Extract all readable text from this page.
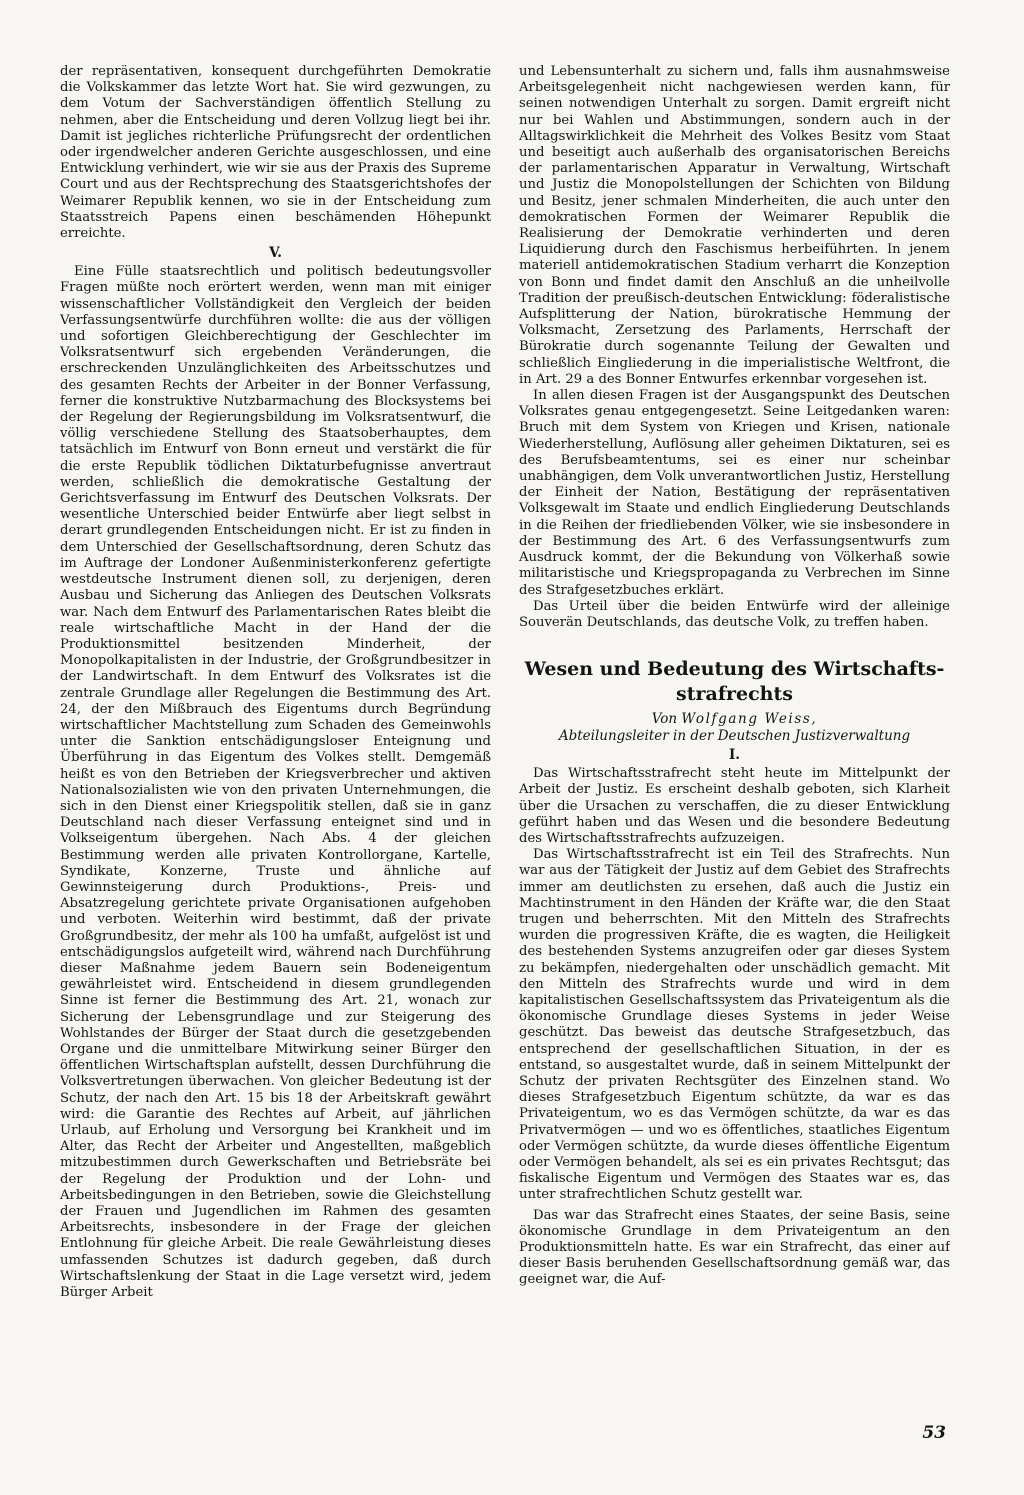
der repräsentativen, konsequent durchgeführten Demokratie die Volkskammer das letzte Wort hat. Sie wird gezwungen, zu dem Votum der Sachverständigen öffentlich Stellung zu nehmen, aber die Entscheidung und deren Vollzug liegt bei ihr. Damit ist jegliches richterliche Prüfungsrecht der ordentlichen oder irgendwelcher anderen Gerichte ausgeschlossen, und eine Entwicklung verhindert, wie wir sie aus der Praxis des Supreme Court und aus der Rechtsprechung des Staatsgerichtshofes der Weimarer Republik kennen, wo sie in der Entscheidung zum Staatsstreich Papens einen beschämenden Höhepunkt erreichte.

V.

Eine Fülle staatsrechtlich und politisch bedeutungsvoller Fragen müßte noch erörtert werden, wenn man mit einiger wissenschaftlicher Vollständigkeit den Vergleich der beiden Verfassungsentwürfe durchführen wollte: die aus der völligen und sofortigen Gleichberechtigung der Geschlechter im Volksratsentwurf sich ergebenden Veränderungen, die erschreckenden Unzulänglichkeiten des Arbeitsschutzes und des gesamten Rechts der Arbeiter in der Bonner Verfassung, ferner die konstruktive Nutzbarmachung des Blocksystems bei der Regelung der Regierungsbildung im Volksratsentwurf, die völlig verschiedene Stellung des Staatsoberhauptes, dem tatsächlich im Entwurf von Bonn erneut und verstärkt die für die erste Republik tödlichen Diktaturbefugnisse anvertraut werden, schließlich die demokratische Gestaltung der Gerichtsverfassung im Entwurf des Deutschen Volksrats. Der wesentliche Unterschied beider Entwürfe aber liegt selbst in derart grundlegenden Entscheidungen nicht. Er ist zu finden in dem Unterschied der Gesellschaftsordnung, deren Schutz das im Auftrage der Londoner Außenministerkonferenz gefertigte westdeutsche Instrument dienen soll, zu derjenigen, deren Ausbau und Sicherung das Anliegen des Deutschen Volksrats war. Nach dem Entwurf des Parlamentarischen Rates bleibt die reale wirtschaftliche Macht in der Hand der die Produktionsmittel besitzenden Minderheit, der Monopolkapitalisten in der Industrie, der Großgrundbesitzer in der Landwirtschaft. In dem Entwurf des Volksrates ist die zentrale Grundlage aller Regelungen die Bestimmung des Art. 24, der den Mißbrauch des Eigentums durch Begründung wirtschaftlicher Machtstellung zum Schaden des Gemeinwohls unter die Sanktion entschädigungsloser Enteignung und Überführung in das Eigentum des Volkes stellt. Demgemäß heißt es von den Betrieben der Kriegsverbrecher und aktiven Nationalsozialisten wie von den privaten Unternehmungen, die sich in den Dienst einer Kriegspolitik stellen, daß sie in ganz Deutschland nach dieser Verfassung enteignet sind und in Volkseigentum übergehen. Nach Abs. 4 der gleichen Bestimmung werden alle privaten Kontrollorgane, Kartelle, Syndikate, Konzerne, Truste und ähnliche auf Gewinnsteigerung durch Produktions-, Preis- und Absatzregelung gerichtete private Organisationen aufgehoben und verboten. Weiterhin wird bestimmt, daß der private Großgrundbesitz, der mehr als 100 ha umfaßt, aufgelöst ist und entschädigungslos aufgeteilt wird, während nach Durchführung dieser Maßnahme jedem Bauern sein Bodeneigentum gewährleistet wird. Entscheidend in diesem grundlegenden Sinne ist ferner die Bestimmung des Art. 21, wonach zur Sicherung der Lebensgrundlage und zur Steigerung des Wohlstandes der Bürger der Staat durch die gesetzgebenden Organe und die unmittelbare Mitwirkung seiner Bürger den öffentlichen Wirtschaftsplan aufstellt, dessen Durchführung die Volksvertretungen überwachen. Von gleicher Bedeutung ist der Schutz, der nach den Art. 15 bis 18 der Arbeitskraft gewährt wird: die Garantie des Rechtes auf Arbeit, auf jährlichen Urlaub, auf Erholung und Versorgung bei Krankheit und im Alter, das Recht der Arbeiter und Angestellten, maßgeblich mitzubestimmen durch Gewerkschaften und Betriebsräte bei der Regelung der Produktion und der Lohn- und Arbeitsbedingungen in den Betrieben, sowie die Gleichstellung der Frauen und Jugendlichen im Rahmen des gesamten Arbeitsrechts, insbesondere in der Frage der gleichen Entlohnung für gleiche Arbeit. Die reale Gewährleistung dieses umfassenden Schutzes ist dadurch gegeben, daß durch Wirtschaftslenkung der Staat in die Lage versetzt wird, jedem Bürger Arbeit

und Lebensunterhalt zu sichern und, falls ihm ausnahmsweise Arbeitsgelegenheit nicht nachgewiesen werden kann, für seinen notwendigen Unterhalt zu sorgen. Damit ergreift nicht nur bei Wahlen und Abstimmungen, sondern auch in der Alltagswirklichkeit die Mehrheit des Volkes Besitz vom Staat und beseitigt auch außerhalb des organisatorischen Bereichs der parlamentarischen Apparatur in Verwaltung, Wirtschaft und Justiz die Monopolstellungen der Schichten von Bildung und Besitz, jener schmalen Minderheiten, die auch unter den demokratischen Formen der Weimarer Republik die Realisierung der Demokratie verhinderten und deren Liquidierung durch den Faschismus herbeiführten. In jenem materiell antidemokratischen Stadium verharrt die Konzeption von Bonn und findet damit den Anschluß an die unheilvolle Tradition der preußisch-deutschen Entwicklung: föderalistische Aufsplitterung der Nation, bürokratische Hemmung der Volksmacht, Zersetzung des Parlaments, Herrschaft der Bürokratie durch sogenannte Teilung der Gewalten und schließlich Eingliederung in die imperialistische Weltfront, die in Art. 29 a des Bonner Entwurfes erkennbar vorgesehen ist.

In allen diesen Fragen ist der Ausgangspunkt des Deutschen Volksrates genau entgegengesetzt. Seine Leitgedanken waren: Bruch mit dem System von Kriegen und Krisen, nationale Wiederherstellung, Auflösung aller geheimen Diktaturen, sei es des Berufsbeamtentums, sei es einer nur scheinbar unabhängigen, dem Volk unverantwortlichen Justiz, Herstellung der Einheit der Nation, Bestätigung der repräsentativen Volksgewalt im Staate und endlich Eingliederung Deutschlands in die Reihen der friedliebenden Völker, wie sie insbesondere in der Bestimmung des Art. 6 des Verfassungsentwurfs zum Ausdruck kommt, der die Bekundung von Völkerhaß sowie militaristische und Kriegspropaganda zu Verbrechen im Sinne des Strafgesetzbuches erklärt.

Das Urteil über die beiden Entwürfe wird der alleinige Souverän Deutschlands, das deutsche Volk, zu treffen haben.

Wesen und Bedeutung des Wirtschafts-
strafrechts
Von Wolfgang Weiss,
Abteilungsleiter in der Deutschen Justizverwaltung
I.

Das Wirtschaftsstrafrecht steht heute im Mittelpunkt der Arbeit der Justiz. Es erscheint deshalb geboten, sich Klarheit über die Ursachen zu verschaffen, die zu dieser Entwicklung geführt haben und das Wesen und die besondere Bedeutung des Wirtschaftsstrafrechts aufzuzeigen.

Das Wirtschaftsstrafrecht ist ein Teil des Strafrechts. Nun war aus der Tätigkeit der Justiz auf dem Gebiet des Strafrechts immer am deutlichsten zu ersehen, daß auch die Justiz ein Machtinstrument in den Händen der Kräfte war, die den Staat trugen und beherrschten. Mit den Mitteln des Strafrechts wurden die progressiven Kräfte, die es wagten, die Heiligkeit des bestehenden Systems anzugreifen oder gar dieses System zu bekämpfen, niedergehalten oder unschädlich gemacht. Mit den Mitteln des Strafrechts wurde und wird in dem kapitalistischen Gesellschaftssystem das Privateigentum als die ökonomische Grundlage dieses Systems in jeder Weise geschützt. Das beweist das deutsche Strafgesetzbuch, das entsprechend der gesellschaftlichen Situation, in der es entstand, so ausgestaltet wurde, daß in seinem Mittelpunkt der Schutz der privaten Rechtsgüter des Einzelnen stand. Wo dieses Strafgesetzbuch Eigentum schützte, da war es das Privateigentum, wo es das Vermögen schützte, da war es das Privatvermögen — und wo es öffentliches, staatliches Eigentum oder Vermögen schützte, da wurde dieses öffentliche Eigentum oder Vermögen behandelt, als sei es ein privates Rechtsgut; das fiskalische Eigentum und Vermögen des Staates war es, das unter strafrechtlichen Schutz gestellt war.

Das war das Strafrecht eines Staates, der seine Basis, seine ökonomische Grundlage in dem Privateigentum an den Produktionsmitteln hatte. Es war ein Strafrecht, das einer auf dieser Basis beruhenden Gesellschaftsordnung gemäß war, das geeignet war, die Auf-

53
